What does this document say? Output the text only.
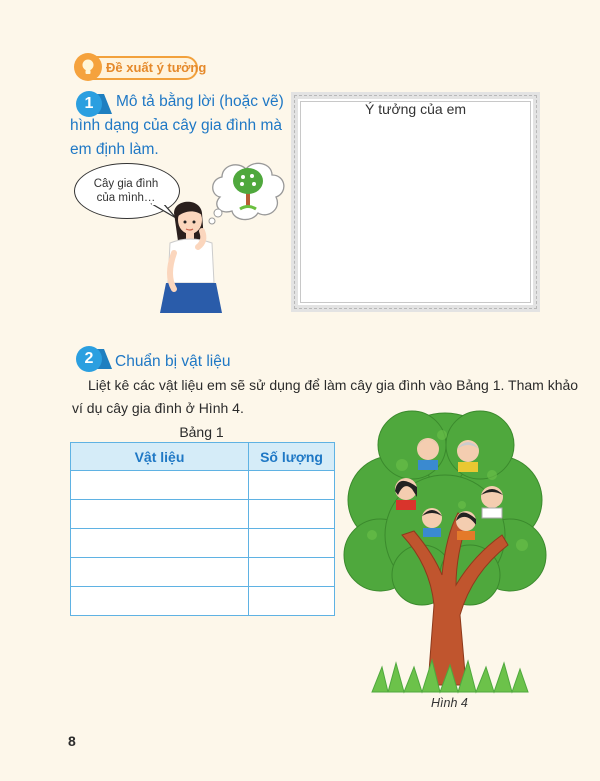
Đề xuất ý tưởng
1	Mô tả bằng lời (hoặc vẽ)
hình dạng của cây gia đình mà
em định làm.
Cây gia đình
của mình…
Ý tưởng của em
2	Chuẩn bị vật liệu
Liệt kê các vật liệu em sẽ sử dụng để làm cây gia đình vào Bảng 1. Tham khảo
ví dụ cây gia đình ở Hình 4.
Bảng 1
Vật liệu	Số lượng

Hình 4
8
